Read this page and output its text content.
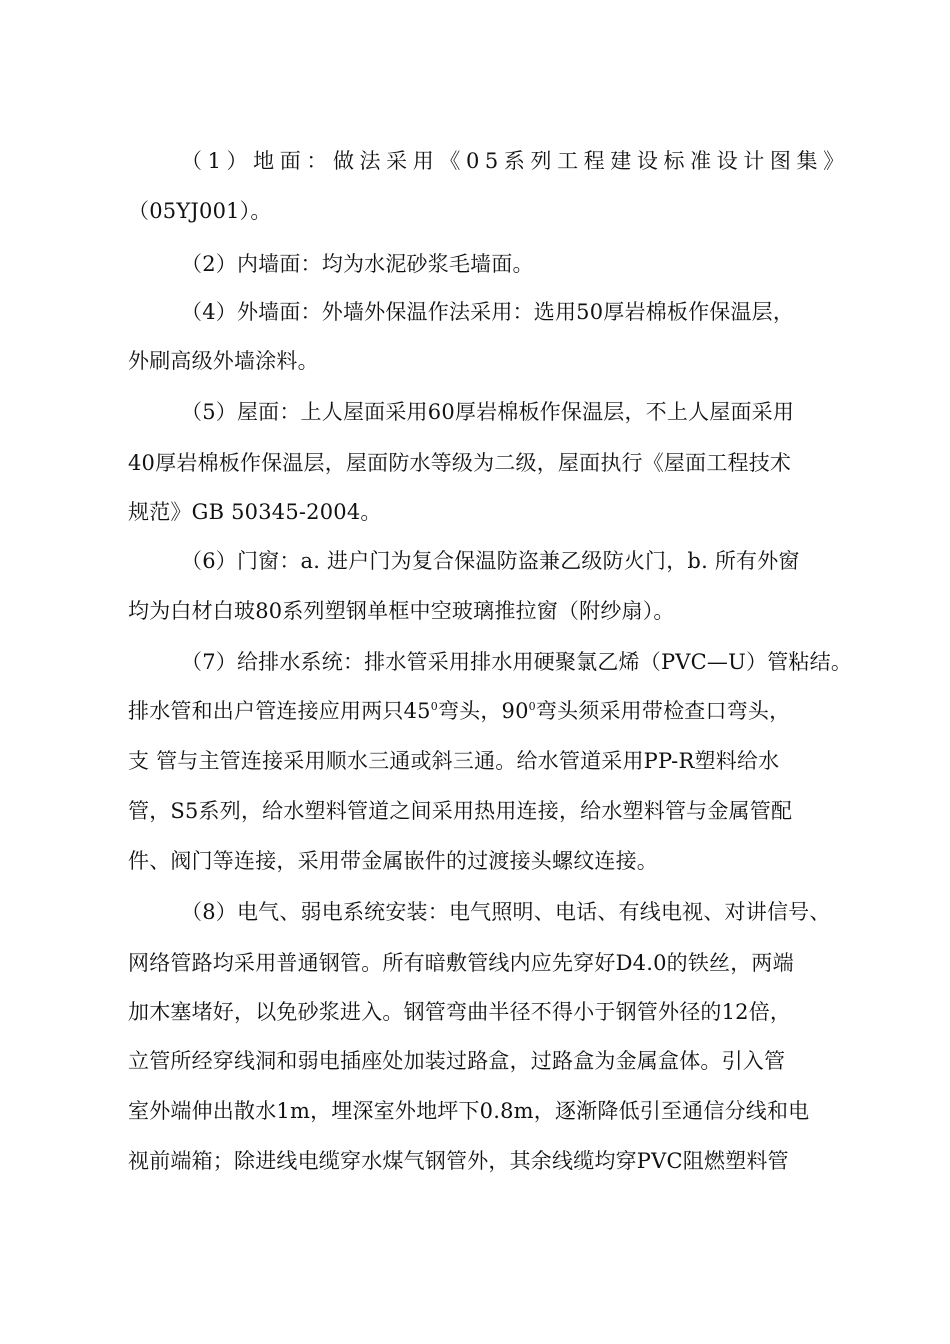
（1）地面：做法采用《05系列工程建设标准设计图集》
（05YJ001）。
（2）内墙面：均为水泥砂浆毛墙面。
（4）外墙面：外墙外保温作法采用：选用50厚岩棉板作保温层，
外刷高级外墙涂料。
（5）屋面：上人屋面采用60厚岩棉板作保温层，不上人屋面采用
40厚岩棉板作保温层，屋面防水等级为二级，屋面执行《屋面工程技术
规范》GB 50345-2004。
（6）门窗：a. 进户门为复合保温防盗兼乙级防火门，b. 所有外窗
均为白材白玻80系列塑钢单框中空玻璃推拉窗（附纱扇）。
（7）给排水系统：排水管采用排水用硬聚氯乙烯（PVC—U）管粘结。
排水管和出户管连接应用两只$45^0$弯头，$90^0$弯头须采用带检查口弯头，
支 管与主管连接采用顺水三通或斜三通。给水管道采用PP-R塑料给水
管，S5系列，给水塑料管道之间采用热用连接，给水塑料管与金属管配
件、阀门等连接，采用带金属嵌件的过渡接头螺纹连接。
（8）电气、弱电系统安装：电气照明、电话、有线电视、对讲信号、
网络管路均采用普通钢管。所有暗敷管线内应先穿好D4.0的铁丝，两端
加木塞堵好，以免砂浆进入。钢管弯曲半径不得小于钢管外径的12倍，
立管所经穿线洞和弱电插座处加装过路盒，过路盒为金属盒体。引入管
室外端伸出散水1m，埋深室外地坪下0.8m，逐渐降低引至通信分线和电
视前端箱；除进线电缆穿水煤气钢管外，其余线缆均穿PVC阻燃塑料管
